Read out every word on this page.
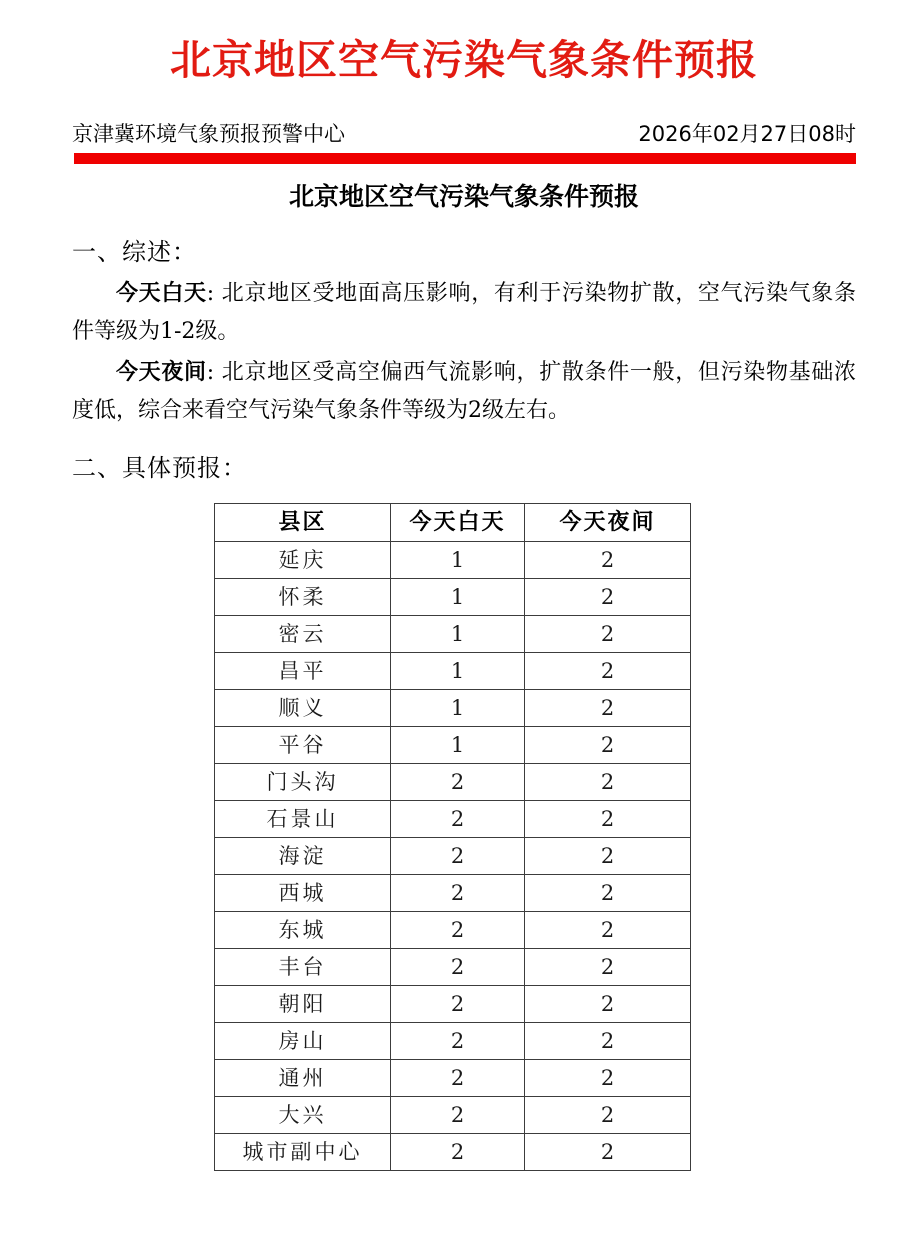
北京地区空气污染气象条件预报
京津冀环境气象预报预警中心	2026年02月27日08时
北京地区空气污染气象条件预报

一、综述：

今天白天: 北京地区受地面高压影响，有利于污染物扩散，空气污染气象条件等级为1-2级。

今天夜间: 北京地区受高空偏西气流影响，扩散条件一般，但污染物基础浓度低，综合来看空气污染气象条件等级为2级左右。

二、具体预报：

县区	今天白天	今天夜间
延庆	1	2
怀柔	1	2
密云	1	2
昌平	1	2
顺义	1	2
平谷	1	2
门头沟	2	2
石景山	2	2
海淀	2	2
西城	2	2
东城	2	2
丰台	2	2
朝阳	2	2
房山	2	2
通州	2	2
大兴	2	2
城市副中心	2	2
